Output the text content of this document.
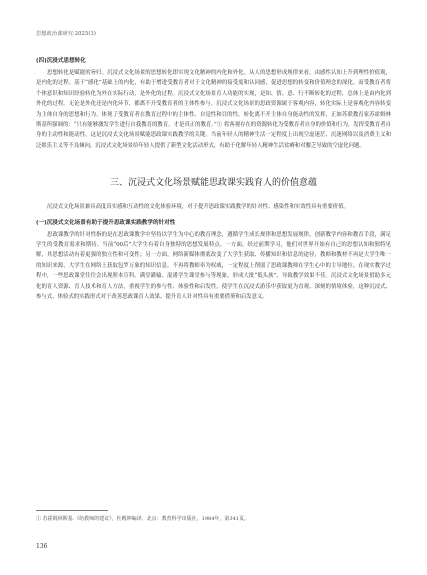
思想政治课研究·2025(3)
(四)沉浸式思想转化

思想转化是赋能的旨归。沉浸式文化场景的思想转化即实现文化精神的内化和外化。从人的思想形成规律来看，由感性认知上升到理性价值观，是内化的过程。基于“感化”基础上的内化，有助于增进受教育者对于文化精神的接受度和认同感，促进思想的转变和价值理念的深化。而受教育者将个体意识和知识经验转化为外在实际行动，是外化的过程。沉浸式文化场景育人功能的实现，是知、情、意、行不断转化的过程，总体上是由内化到外化的过程。无论是外化还是内化环节，都离不开受教育者的主体性参与。沉浸式文化场景的思政资源属于客观内容，转化实际上是客观化内容转变为主体自身的思想和行为，体现了受教育者在教育过程中的主体性、自觉性和目的性。转化离不开主体自身能动性的发挥，正如苏联教育家苏霍姆林斯基所强调的：“只有能够激发学生进行自我教育的教育，才是真正的教育。”① 将客观存在的资源转化为受教育者自身的价值和行为，发挥受教育者自身的主动性和能动性，这是沉浸式文化场景赋能思政课实践教学的关键。当前年轻人的精神生活一定程度上出现空虚迷茫、沉迷网络以及消费主义和泛娱乐主义等不良倾向，沉浸式文化场景给年轻人提供了新型文化活动形式，有助于化解年轻人精神生活贫瘠和对腰乏导致的空虚化问题。

三、沉浸式文化场景赋能思政课实践育人的价值意蕴

沉浸式文化场景兼具高度真实感和互动性的文化体验环境，对于提升思政课实践教学的针对性、感染性和实效性具有重要价值。

(一)沉浸式文化场景有助于提升思政课实践教学的针对性

思政课教学的针对性指的是在思政课教学中坚持以学生为中心的教育理念，遵循学生成长规律和思想发展规律，创新教学内容和教育手段，满足学生的受教育需求和期待。当前“00后”大学生有着自身独特的思想发展特点。一方面，经过前期学习，他们对世界开始有自己的思想认知和独特见解，其思想活动有着更强的独立性和可变性；另一方面，网络新媒体彻底改变了大学生获取、传播知识和信息的途径，教师和教材不再是大学生唯一的知识来源，大学生在网络上获取包罗万象的知识信息，不再将教师奉为权威，一定程度上削弱了思政课教师在学生心中的主导地位。在现实教学过程中，一些思政课堂往往会出现照本宣科、满堂灌输、混淆学生课堂参与等现象，形成大批“低头族”，导致教学效果不佳。沉浸式文化场景借助多元化的育人资源、育人技术和育人方法，重视学生的参与性、体验性和启发性，使学生在沉浸式游乐中获取更为直观、深刻的情境体验，这种沉浸式、参与式、体验式的实践形式对于改善思政课育人效果、提升育人针对性具有重要借鉴和启发意义。

① 苏霍姆林斯基.《给教师的建议》，杜殿坤编译，北京：教育科学出版社，1984年，第341页。
136
